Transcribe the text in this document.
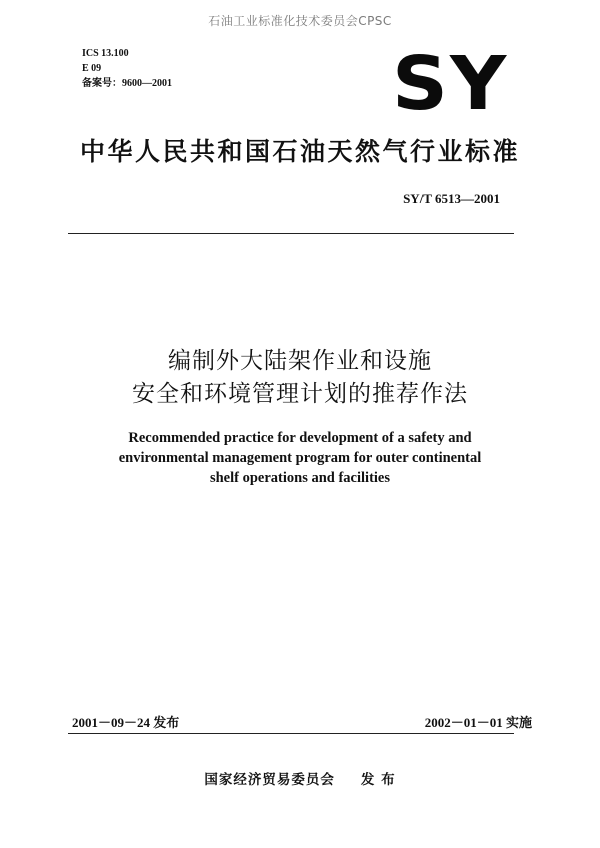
石油工业标准化技术委员会CPSC
ICS 13.100
E 09
备案号：9600—2001	SY
中华人民共和国石油天然气行业标准
SY/T 6513—2001
编制外大陆架作业和设施
安全和环境管理计划的推荐作法
Recommended practice for development of a safety and
environmental management program for outer continental
shelf operations and facilities
2001－09－24 发布	2002－01－01 实施
国家经济贸易委员会 发 布
